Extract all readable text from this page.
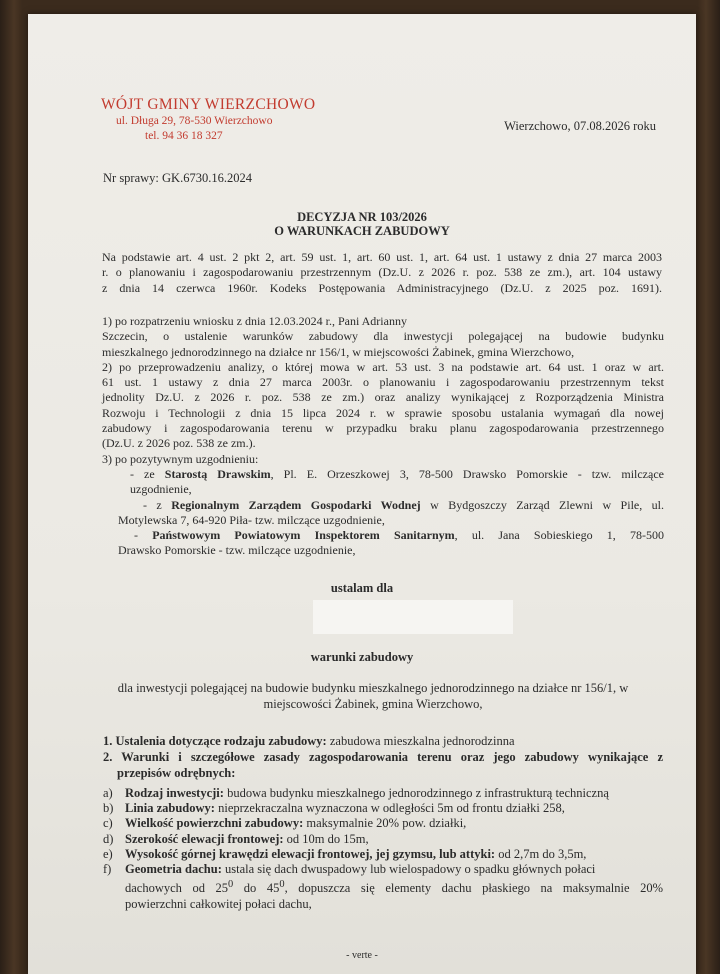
WÓJT GMINY WIERZCHOWO
ul. Długa 29, 78-530 Wierzchowo
tel. 94 36 18 327
Wierzchowo, 07.08.2026 roku
Nr sprawy: GK.6730.16.2024
DECYZJA NR 103/2026
O WARUNKACH ZABUDOWY
Na podstawie art. 4 ust. 2 pkt 2, art. 59 ust. 1, art. 60 ust. 1, art. 64 ust. 1 ustawy z dnia 27 marca 2003
r. o planowaniu i zagospodarowaniu przestrzennym (Dz.U. z 2026 r. poz. 538 ze zm.), art. 104 ustawy
z dnia 14 czerwca 1960r. Kodeks Postępowania Administracyjnego (Dz.U. z 2025 poz. 1691).
1) po rozpatrzeniu wniosku z dnia 12.03.2024 r., Pani Adrianny
Szczecin, o ustalenie warunków zabudowy dla inwestycji polegającej na budowie budynku
mieszkalnego jednorodzinnego na działce nr 156/1, w miejscowości Żabinek, gmina Wierzchowo,
2) po przeprowadzeniu analizy, o której mowa w art. 53 ust. 3 na podstawie art. 64 ust. 1 oraz w art.
61 ust. 1 ustawy z dnia 27 marca 2003r. o planowaniu i zagospodarowaniu przestrzennym tekst
jednolity Dz.U. z 2026 r. poz. 538 ze zm.) oraz analizy wynikającej z Rozporządzenia Ministra
Rozwoju i Technologii z dnia 15 lipca 2024 r. w sprawie sposobu ustalania wymagań dla nowej
zabudowy i zagospodarowania terenu w przypadku braku planu zagospodarowania przestrzennego
(Dz.U. z 2026 poz. 538 ze zm.).
3) po pozytywnym uzgodnieniu:
- ze Starostą Drawskim, Pl. E. Orzeszkowej 3, 78-500 Drawsko Pomorskie - tzw. milczące
uzgodnienie,
- z Regionalnym Zarządem Gospodarki Wodnej w Bydgoszczy Zarząd Zlewni w Pile, ul.
Motylewska 7, 64-920 Piła- tzw. milczące uzgodnienie,
- Państwowym Powiatowym Inspektorem Sanitarnym, ul. Jana Sobieskiego 1, 78-500
Drawsko Pomorskie - tzw. milczące uzgodnienie,
ustalam dla
warunki zabudowy
dla inwestycji polegającej na budowie budynku mieszkalnego jednorodzinnego na działce nr 156/1, w
miejscowości Żabinek, gmina Wierzchowo,
1. Ustalenia dotyczące rodzaju zabudowy: zabudowa mieszkalna jednorodzinna
2. Warunki i szczegółowe zasady zagospodarowania terenu oraz jego zabudowy wynikające z
przepisów odrębnych:
a) Rodzaj inwestycji: budowa budynku mieszkalnego jednorodzinnego z infrastrukturą techniczną
b) Linia zabudowy: nieprzekraczalna wyznaczona w odległości 5m od frontu działki 258,
c) Wielkość powierzchni zabudowy: maksymalnie 20% pow. działki,
d) Szerokość elewacji frontowej: od 10m do 15m,
e) Wysokość górnej krawędzi elewacji frontowej, jej gzymsu, lub attyki: od 2,7m do 3,5m,
f)	Geometria dachu: ustala się dach dwuspadowy lub wielospadowy o spadku głównych połaci
dachowych od $25^0$ do $45^0$, dopuszcza się elementy dachu płaskiego na maksymalnie 20%
powierzchni całkowitej połaci dachu,
- verte -
